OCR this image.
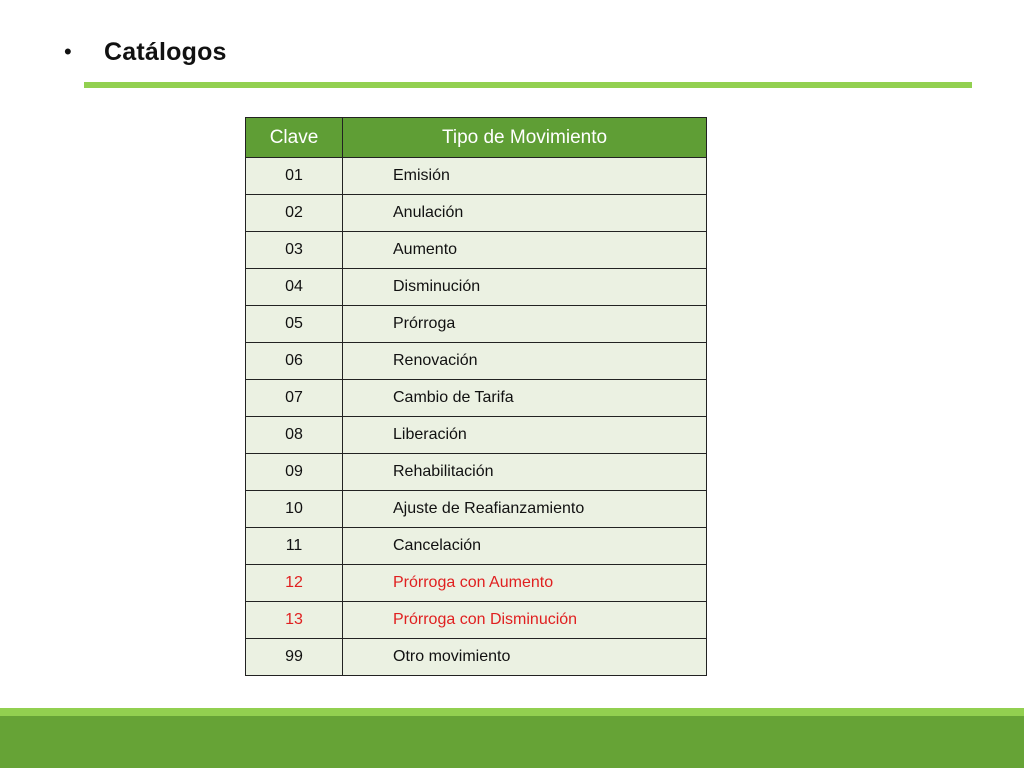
•	Catálogos
Clave	Tipo de Movimiento
01	Emisión
02	Anulación
03	Aumento
04	Disminución
05	Prórroga
06	Renovación
07	Cambio de Tarifa
08	Liberación
09	Rehabilitación
10	Ajuste de Reafianzamiento
11	Cancelación
12	Prórroga con Aumento
13	Prórroga con Disminución
99	Otro movimiento
